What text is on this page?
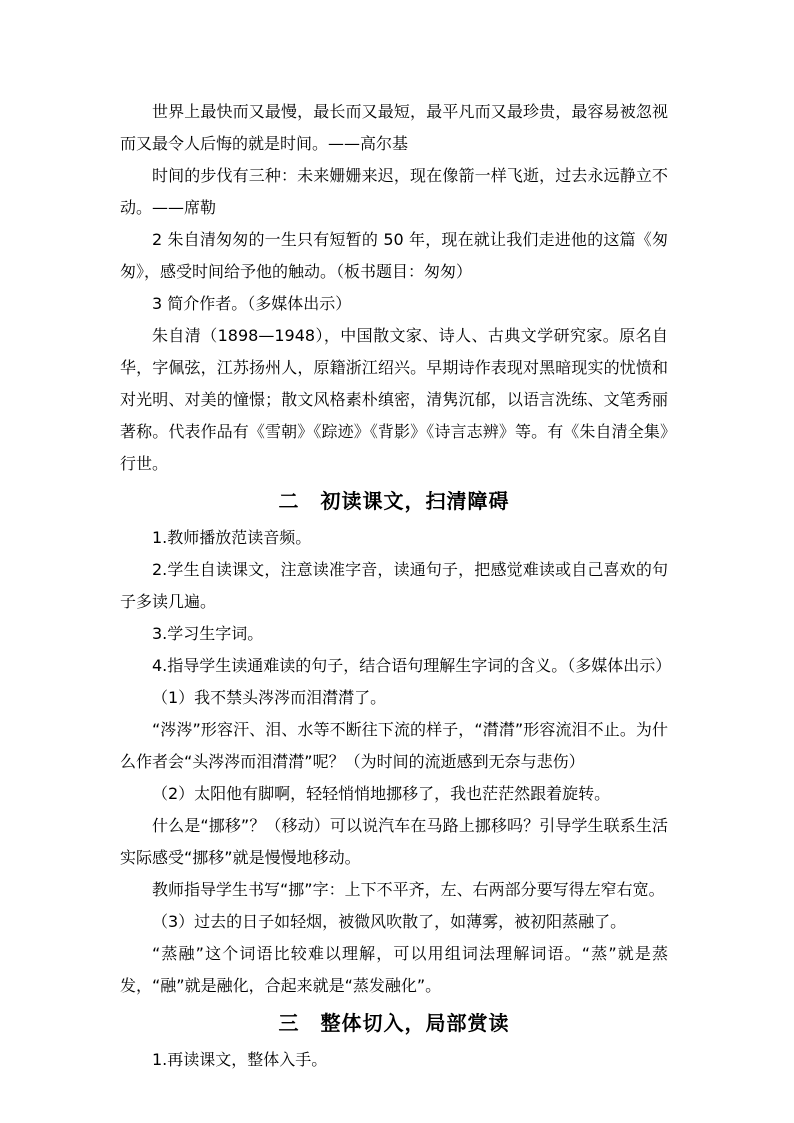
世界上最快而又最慢，最长而又最短，最平凡而又最珍贵，最容易被忽视而又最令人后悔的就是时间。——高尔基

时间的步伐有三种：未来姗姗来迟，现在像箭一样飞逝，过去永远静立不动。——席勒

2 朱自清匆匆的一生只有短暂的 50 年，现在就让我们走进他的这篇《匆匆》，感受时间给予他的触动。（板书题目：匆匆）

3 简介作者。（多媒体出示）

朱自清（1898—1948），中国散文家、诗人、古典文学研究家。原名自华，字佩弦，江苏扬州人，原籍浙江绍兴。早期诗作表现对黑暗现实的忧愤和对光明、对美的憧憬；散文风格素朴缜密，清隽沉郁，以语言洗练、文笔秀丽著称。代表作品有《雪朝》《踪迹》《背影》《诗言志辨》等。有《朱自清全集》行世。

二　初读课文，扫清障碍

1.教师播放范读音频。

2.学生自读课文，注意读准字音，读通句子，把感觉难读或自己喜欢的句子多读几遍。

3.学习生字词。

4.指导学生读通难读的句子，结合语句理解生字词的含义。（多媒体出示）

（1）我不禁头涔涔而泪潸潸了。

“涔涔”形容汗、泪、水等不断往下流的样子，“潸潸”形容流泪不止。为什么作者会“头涔涔而泪潸潸”呢？（为时间的流逝感到无奈与悲伤）

（2）太阳他有脚啊，轻轻悄悄地挪移了，我也茫茫然跟着旋转。

什么是“挪移”？（移动）可以说汽车在马路上挪移吗？引导学生联系生活实际感受“挪移”就是慢慢地移动。

教师指导学生书写“挪”字：上下不平齐，左、右两部分要写得左窄右宽。

（3）过去的日子如轻烟，被微风吹散了，如薄雾，被初阳蒸融了。

“蒸融”这个词语比较难以理解，可以用组词法理解词语。“蒸”就是蒸发，“融”就是融化，合起来就是“蒸发融化”。

三　整体切入，局部赏读

1.再读课文，整体入手。
